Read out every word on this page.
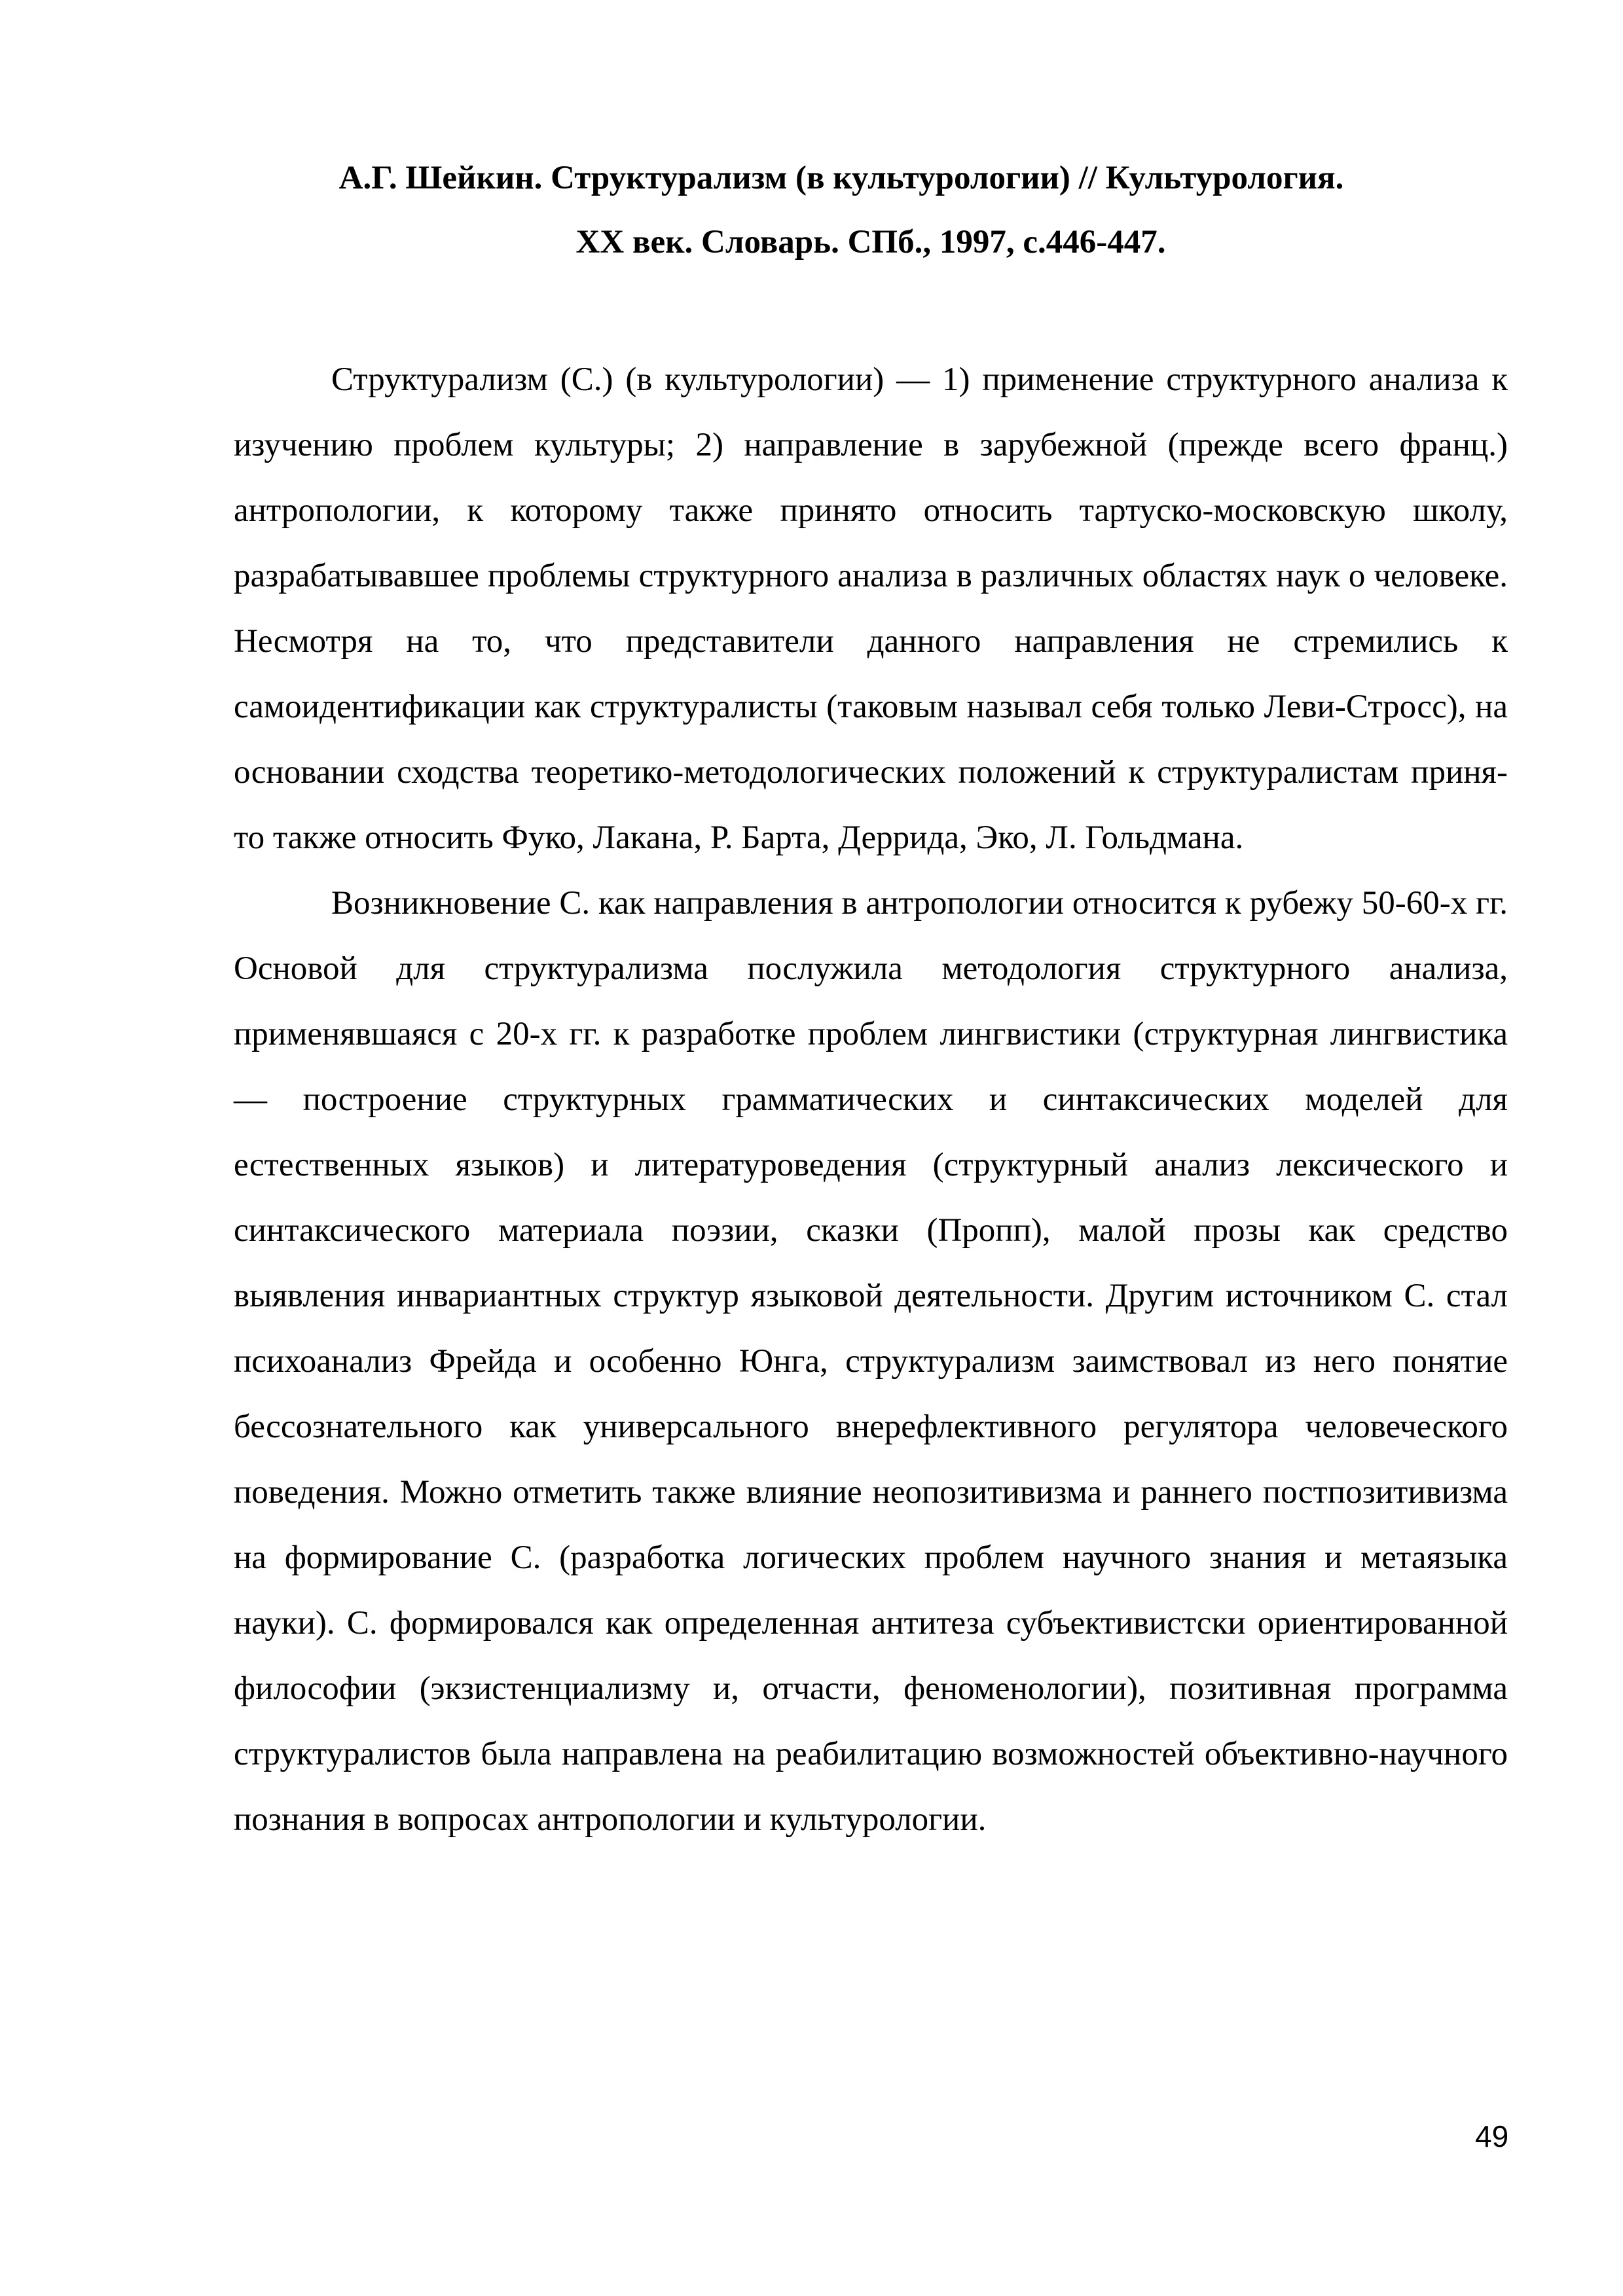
А.Г. Шейкин. Структурализм (в культурологии) // Культурология.
XX век. Словарь. СПб., 1997, с.446-447.

Структурализм (С.) (в культурологии) — 1) применение структурного анализа к изучению проблем культуры; 2) направление в зарубежной (прежде всего франц.) антропологии, к которому также принято относить тартуско-московскую школу, разрабатывавшее проблемы структурного анализа в различных областях наук о человеке. Несмотря на то, что представители данного направления не стремились к самоидентификации как структуралисты (таковым называл себя только Леви-Стросс), на основании сходства теоретико-методологических положений к структуралистам приня-то также относить Фуко, Лакана, Р. Барта, Деррида, Эко, Л. Гольдмана.

Возникновение С. как направления в антропологии относится к рубежу 50-60-х гг. Основой для структурализма послужила методология структурного анализа, применявшаяся с 20-х гг. к разработке проблем лингвистики (структурная лингвистика — построение структурных грамматических и синтаксических моделей для естественных языков) и литературоведения (структурный анализ лексического и синтаксического материала поэзии, сказки (Пропп), малой прозы как средство выявления инвариантных структур языковой деятельности. Другим источником С. стал психоанализ Фрейда и особенно Юнга, структурализм заимствовал из него понятие бессознательного как универсального внерефлективного регулятора человеческого поведения. Можно отметить также влияние неопозитивизма и раннего постпозитивизма на формирование С. (разработка логических проблем научного знания и метаязыка науки). С. формировался как определенная антитеза субъективистски ориентированной философии (экзистенциализму и, отчасти, феноменологии), позитивная программа структуралистов была направлена на реабилитацию возможностей объективно-научного познания в вопросах антропологии и культурологии.

49
